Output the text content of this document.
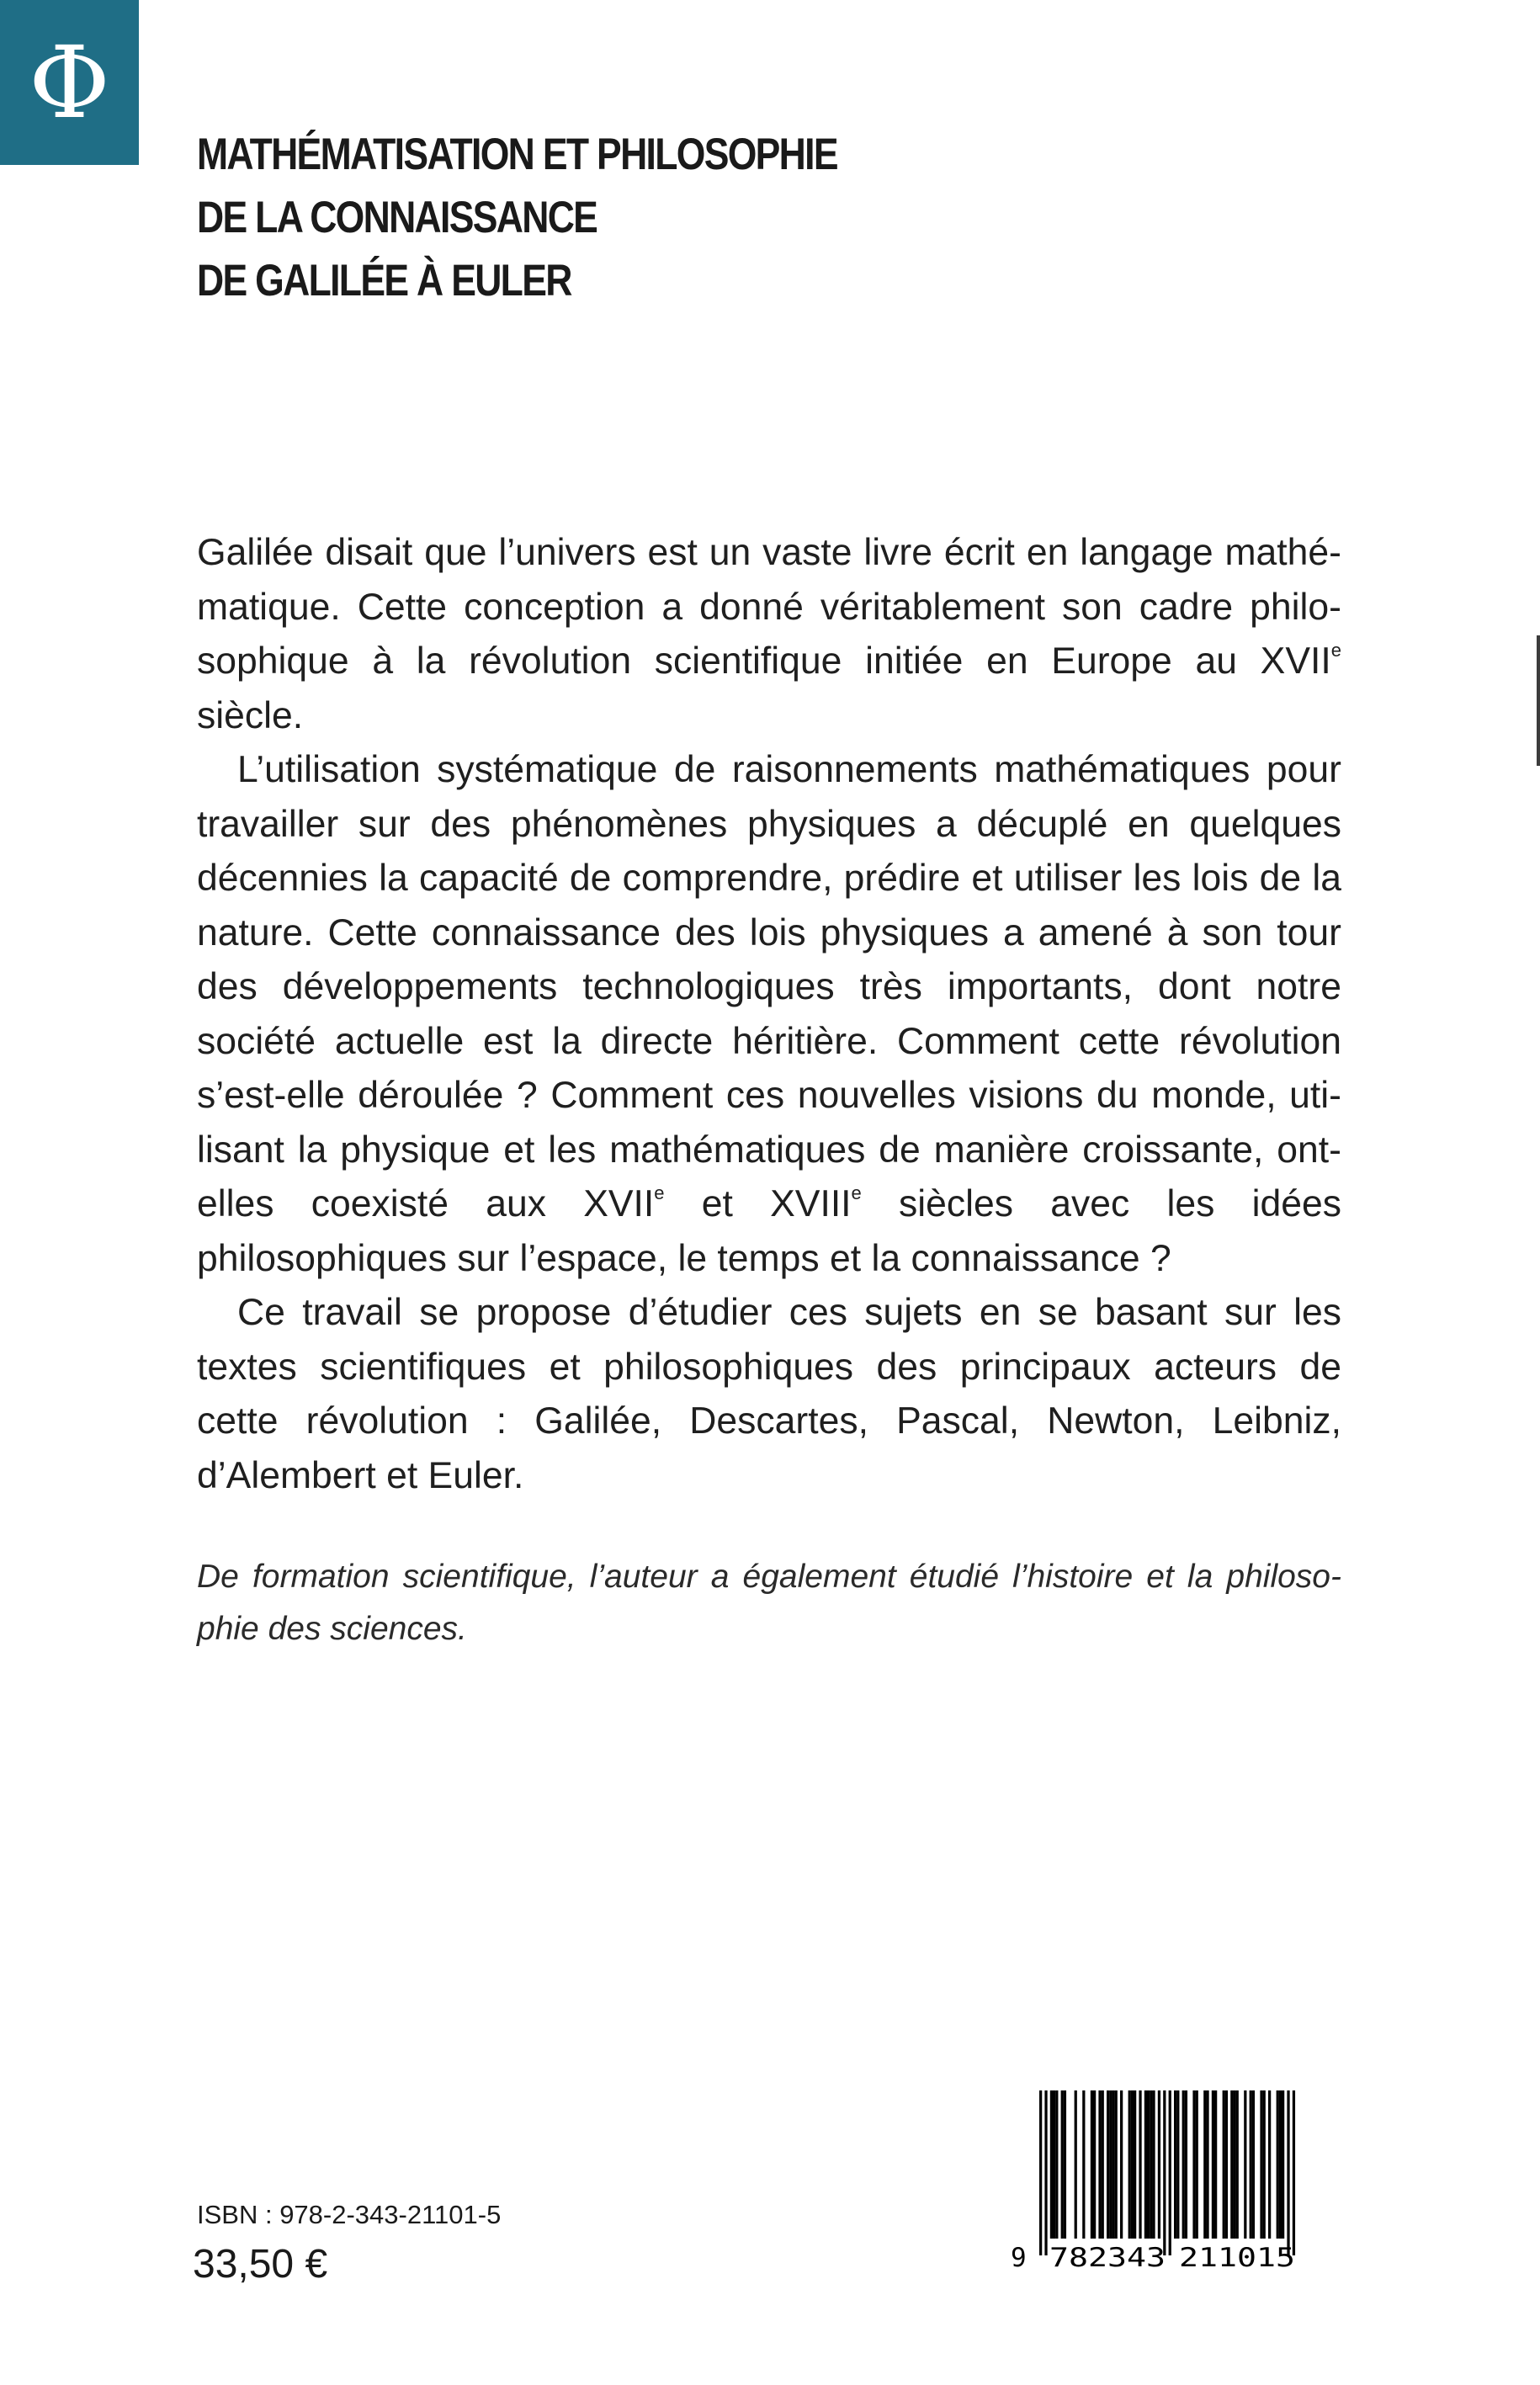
Φ
MATHÉMATISATION ET PHILOSOPHIE
DE LA CONNAISSANCE
DE GALILÉE À EULER

Galilée disait que l’univers est un vaste livre écrit en langage mathématique. Cette conception a donné véritablement son cadre philosophique à la révolution scientifique initiée en Europe au XVIIe siècle.

L’utilisation systématique de raisonnements mathématiques pour travailler sur des phénomènes physiques a décuplé en quelques décennies la capacité de comprendre, prédire et utiliser les lois de la nature. Cette connaissance des lois physiques a amené à son tour des développements technologiques très importants, dont notre société actuelle est la directe héritière. Comment cette révolution s’est-elle déroulée ? Comment ces nouvelles visions du monde, utilisant la physique et les mathématiques de manière croissante, ontelles coexisté aux XVIIe et XVIIIe siècles avec les idées philosophiques sur l’espace, le temps et la connaissance ?

Ce travail se propose d’étudier ces sujets en se basant sur les textes scientifiques et philosophiques des principaux acteurs de cette révolution : Galilée, Descartes, Pascal, Newton, Leibniz, d’Alembert et Euler.

De formation scientifique, l’auteur a également étudié l’histoire et la philosophie des sciences.

9 782343 211015
ISBN : 978-2-343-21101-5
33,50 €
